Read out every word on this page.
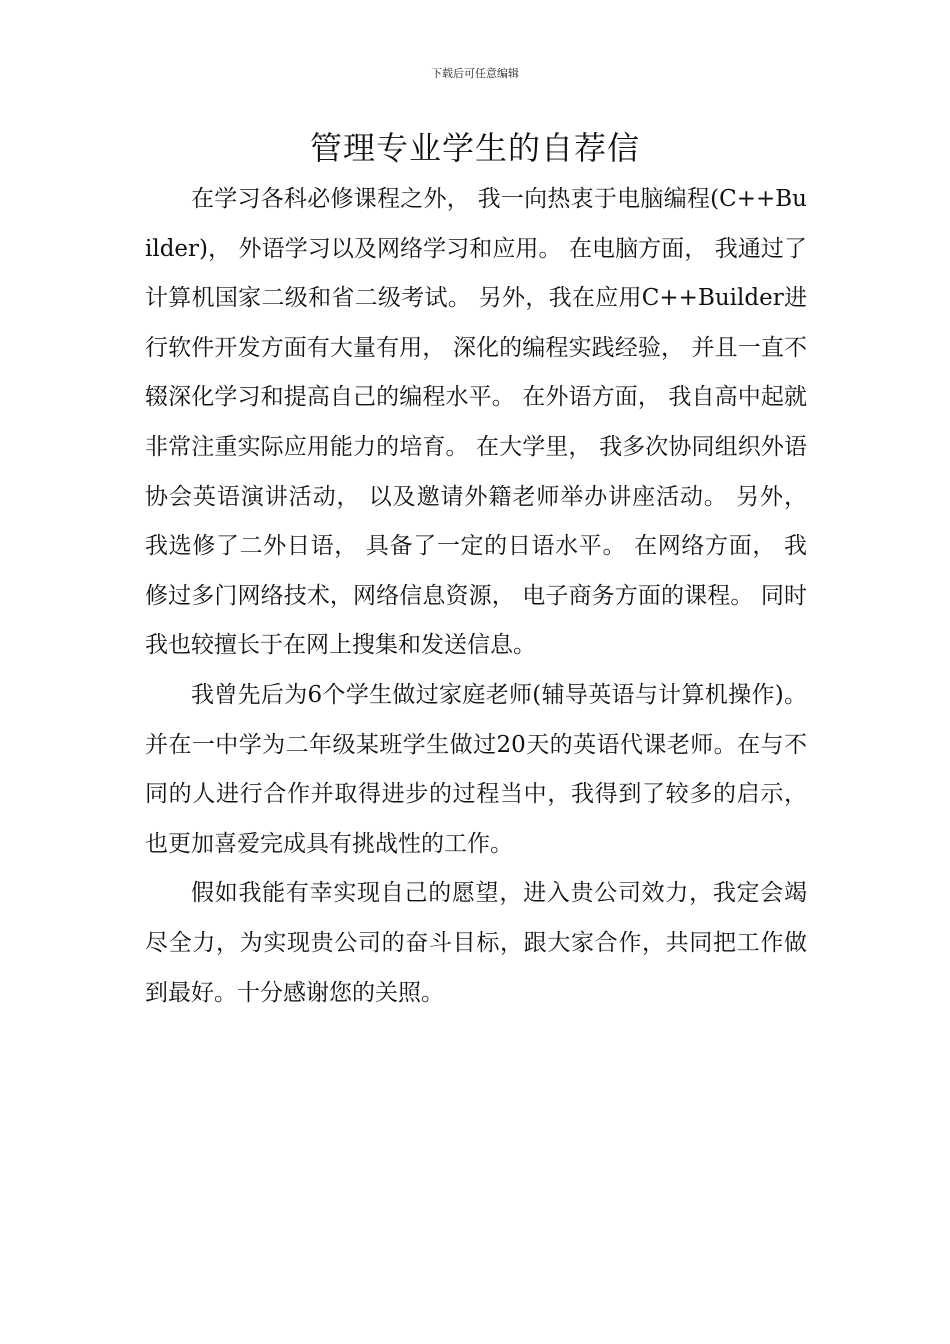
下载后可任意编辑
管理专业学生的自荐信

在学习各科必修课程之外， 我一向热衷于电脑编程(C++Builder)， 外语学习以及网络学习和应用。 在电脑方面， 我通过了计算机国家二级和省二级考试。 另外，我在应用C++Builder进行软件开发方面有大量有用， 深化的编程实践经验， 并且一直不辍深化学习和提高自己的编程水平。 在外语方面， 我自高中起就非常注重实际应用能力的培育。 在大学里， 我多次协同组织外语协会英语演讲活动， 以及邀请外籍老师举办讲座活动。 另外， 我选修了二外日语， 具备了一定的日语水平。 在网络方面， 我修过多门网络技术，网络信息资源， 电子商务方面的课程。 同时我也较擅长于在网上搜集和发送信息。

我曾先后为6个学生做过家庭老师(辅导英语与计算机操作)。并在一中学为二年级某班学生做过20天的英语代课老师。在与不同的人进行合作并取得进步的过程当中，我得到了较多的启示，也更加喜爱完成具有挑战性的工作。

假如我能有幸实现自己的愿望，进入贵公司效力，我定会竭尽全力，为实现贵公司的奋斗目标，跟大家合作，共同把工作做到最好。十分感谢您的关照。
